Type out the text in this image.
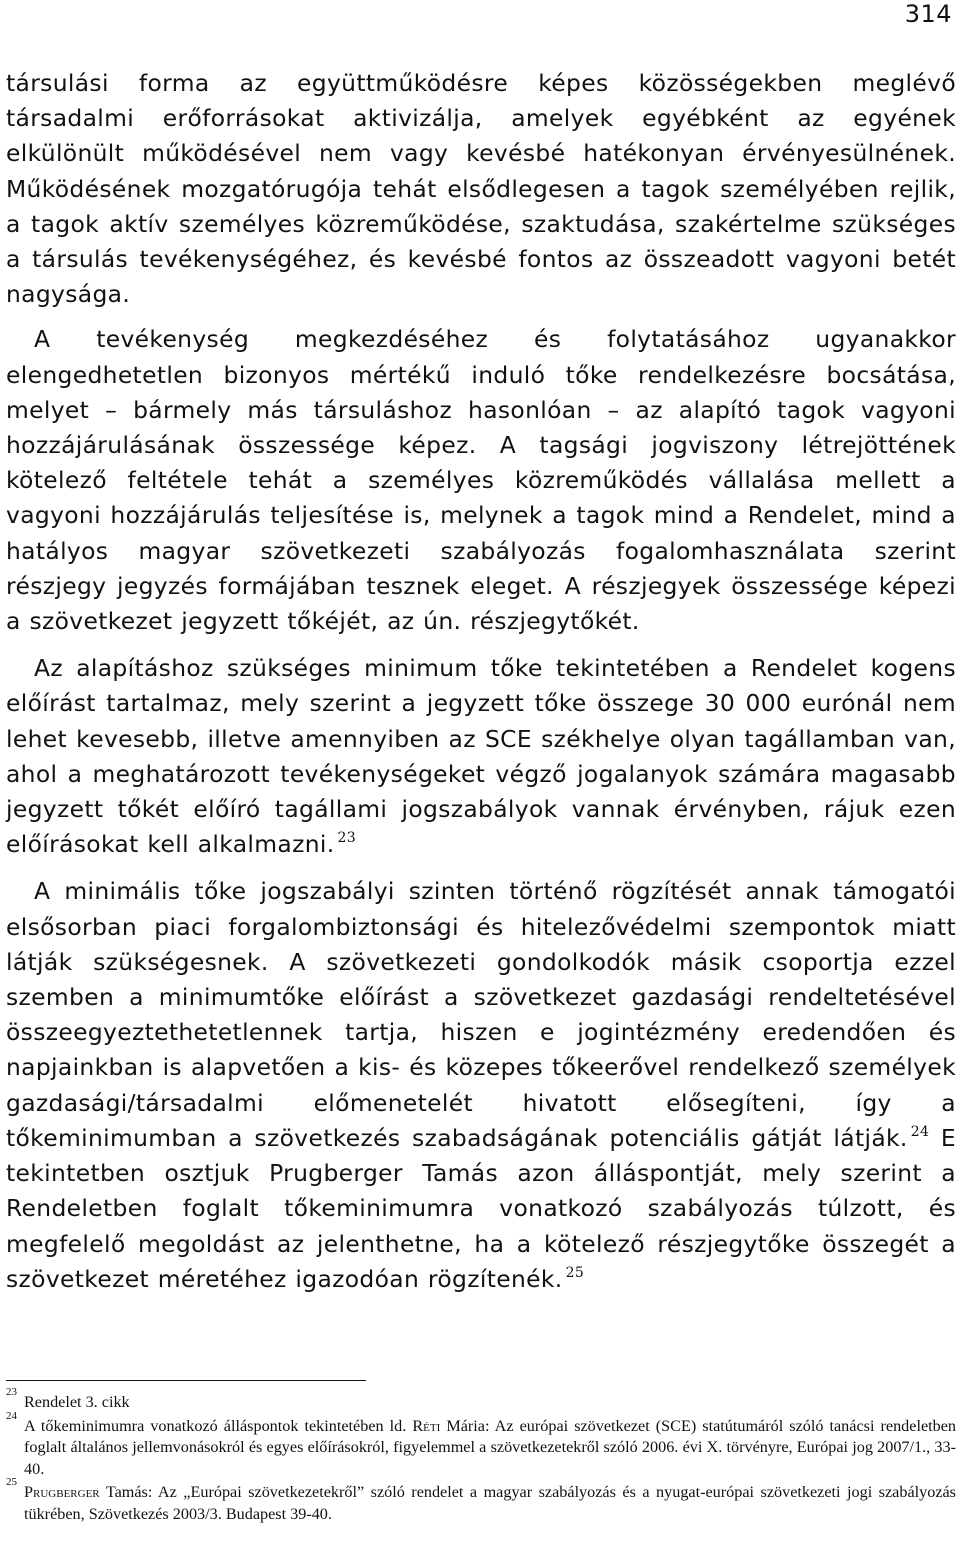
314

társulási forma az együttműködésre képes közösségekben meglévő társadalmi erőforrásokat aktivizálja, amelyek egyébként az egyének elkülönült működésével nem vagy kevésbé hatékonyan érvényesülnének. Működésének mozgatórugója tehát elsődlegesen a tagok személyében rejlik, a tagok aktív személyes közreműködése, szaktudása, szakértelme szükséges a társulás tevékenységéhez, és kevésbé fontos az összeadott vagyoni betét nagysága.

A tevékenység megkezdéséhez és folytatásához ugyanakkor elengedhetetlen bizonyos mértékű induló tőke rendelkezésre bocsátása, melyet – bármely más társuláshoz hasonlóan – az alapító tagok vagyoni hozzájárulásának összessége képez. A tagsági jogviszony létrejöttének kötelező feltétele tehát a személyes közreműködés vállalása mellett a vagyoni hozzájárulás teljesítése is, melynek a tagok mind a Rendelet, mind a hatályos magyar szövetkezeti szabályozás fogalomhasználata szerint részjegy jegyzés formájában tesznek eleget. A részjegyek összessége képezi a szövetkezet jegyzett tőkéjét, az ún. részjegytőkét.

Az alapításhoz szükséges minimum tőke tekintetében a Rendelet kogens előírást tartalmaz, mely szerint a jegyzett tőke összege 30 000 eurónál nem lehet kevesebb, illetve amennyiben az SCE székhelye olyan tagállamban van, ahol a meghatározott tevékenységeket végző jogalanyok számára magasabb jegyzett tőkét előíró tagállami jogszabályok vannak érvényben, rájuk ezen előírásokat kell alkalmazni. $^{23}$

A minimális tőke jogszabályi szinten történő rögzítését annak támogatói elsősorban piaci forgalombiztonsági és hitelezővédelmi szempontok miatt látják szükségesnek. A szövetkezeti gondolkodók másik csoportja ezzel szemben a minimumtőke előírást a szövetkezet gazdasági rendeltetésével összeegyeztethetetlennek tartja, hiszen e jogintézmény eredendően és napjainkban is alapvetően a kis- és közepes tőkeerővel rendelkező személyek gazdasági/társadalmi előmenetelét hivatott elősegíteni, így a tőkeminimumban a szövetkezés szabadságának potenciális gátját látják. $^{24}$ E tekintetben osztjuk Prugberger Tamás azon álláspontját, mely szerint a Rendeletben foglalt tőkeminimumra vonatkozó szabályozás túlzott, és megfelelő megoldást az jelenthetne, ha a kötelező részjegytőke összegét a szövetkezet méretéhez igazodóan rögzítenék. $^{25}$

23
Rendelet 3. cikk
24
A tőkeminimumra vonatkozó álláspontok tekintetében ld. Réti Mária: Az európai szövetkezet (SCE) statútumáról szóló tanácsi rendeletben foglalt általános jellemvonásokról és egyes előírásokról, figyelemmel a szövetkezetekről szóló 2006. évi X. törvényre, Európai jog 2007/1., 33-40.
25
Prugberger Tamás: Az „Európai szövetkezetekről” szóló rendelet a magyar szabályozás és a nyugat-európai szövetkezeti jogi szabályozás tükrében, Szövetkezés 2003/3. Budapest 39-40.
